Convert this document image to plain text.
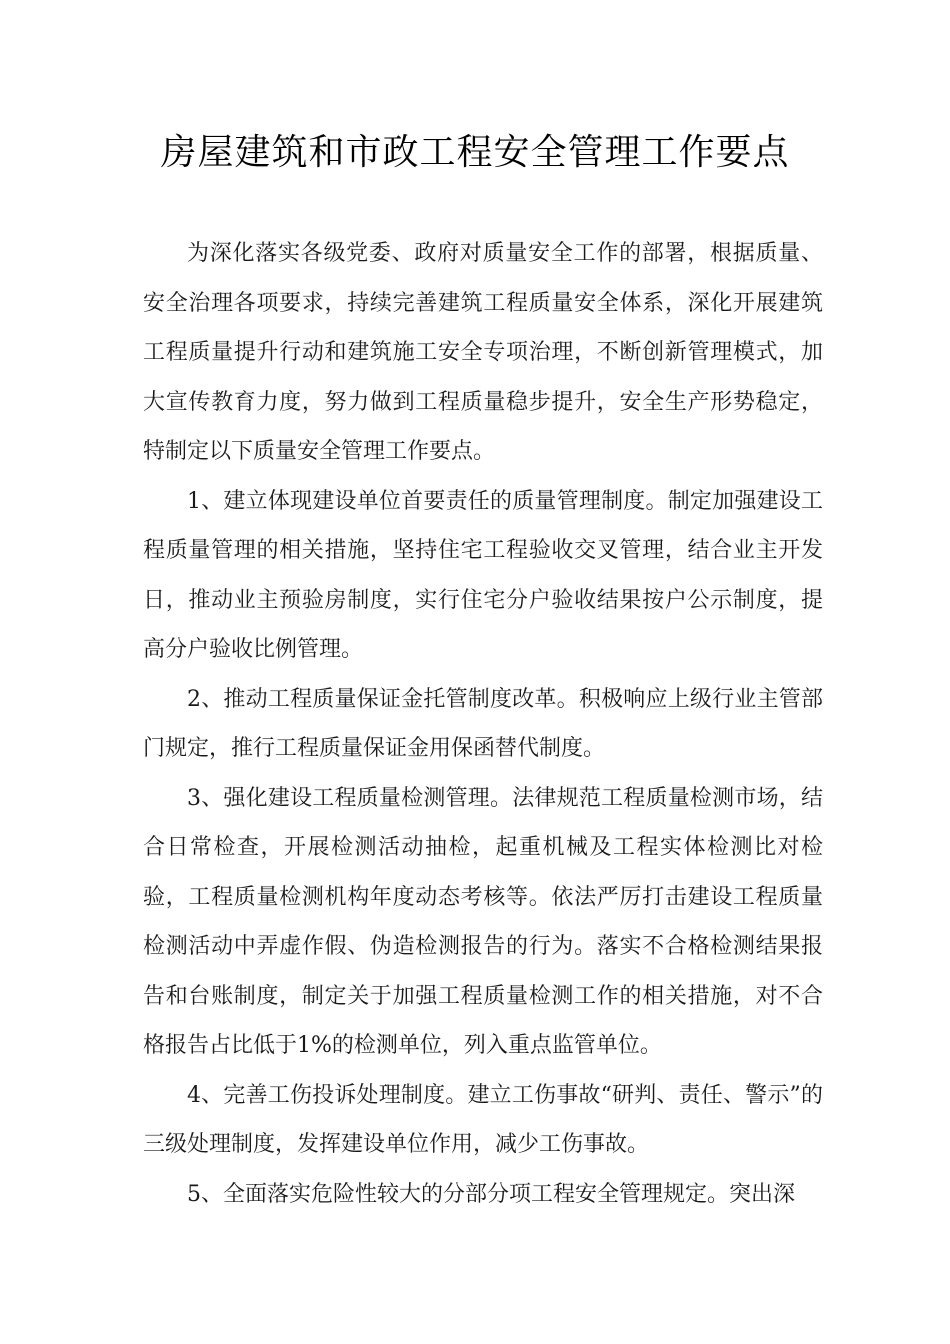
房屋建筑和市政工程安全管理工作要点

为深化落实各级党委、政府对质量安全工作的部署，根据质量、安全治理各项要求，持续完善建筑工程质量安全体系，深化开展建筑工程质量提升行动和建筑施工安全专项治理，不断创新管理模式，加大宣传教育力度，努力做到工程质量稳步提升，安全生产形势稳定，特制定以下质量安全管理工作要点。

1、建立体现建设单位首要责任的质量管理制度。制定加强建设工程质量管理的相关措施，坚持住宅工程验收交叉管理，结合业主开发日，推动业主预验房制度，实行住宅分户验收结果按户公示制度，提高分户验收比例管理。

2、推动工程质量保证金托管制度改革。积极响应上级行业主管部门规定，推行工程质量保证金用保函替代制度。

3、强化建设工程质量检测管理。法律规范工程质量检测市场，结合日常检查，开展检测活动抽检，起重机械及工程实体检测比对检验，工程质量检测机构年度动态考核等。依法严厉打击建设工程质量检测活动中弄虚作假、伪造检测报告的行为。落实不合格检测结果报告和台账制度，制定关于加强工程质量检测工作的相关措施，对不合格报告占比低于1%的检测单位，列入重点监管单位。

4、完善工伤投诉处理制度。建立工伤事故“研判、责任、警示”的三级处理制度，发挥建设单位作用，减少工伤事故。

5、全面落实危险性较大的分部分项工程安全管理规定。突出深
